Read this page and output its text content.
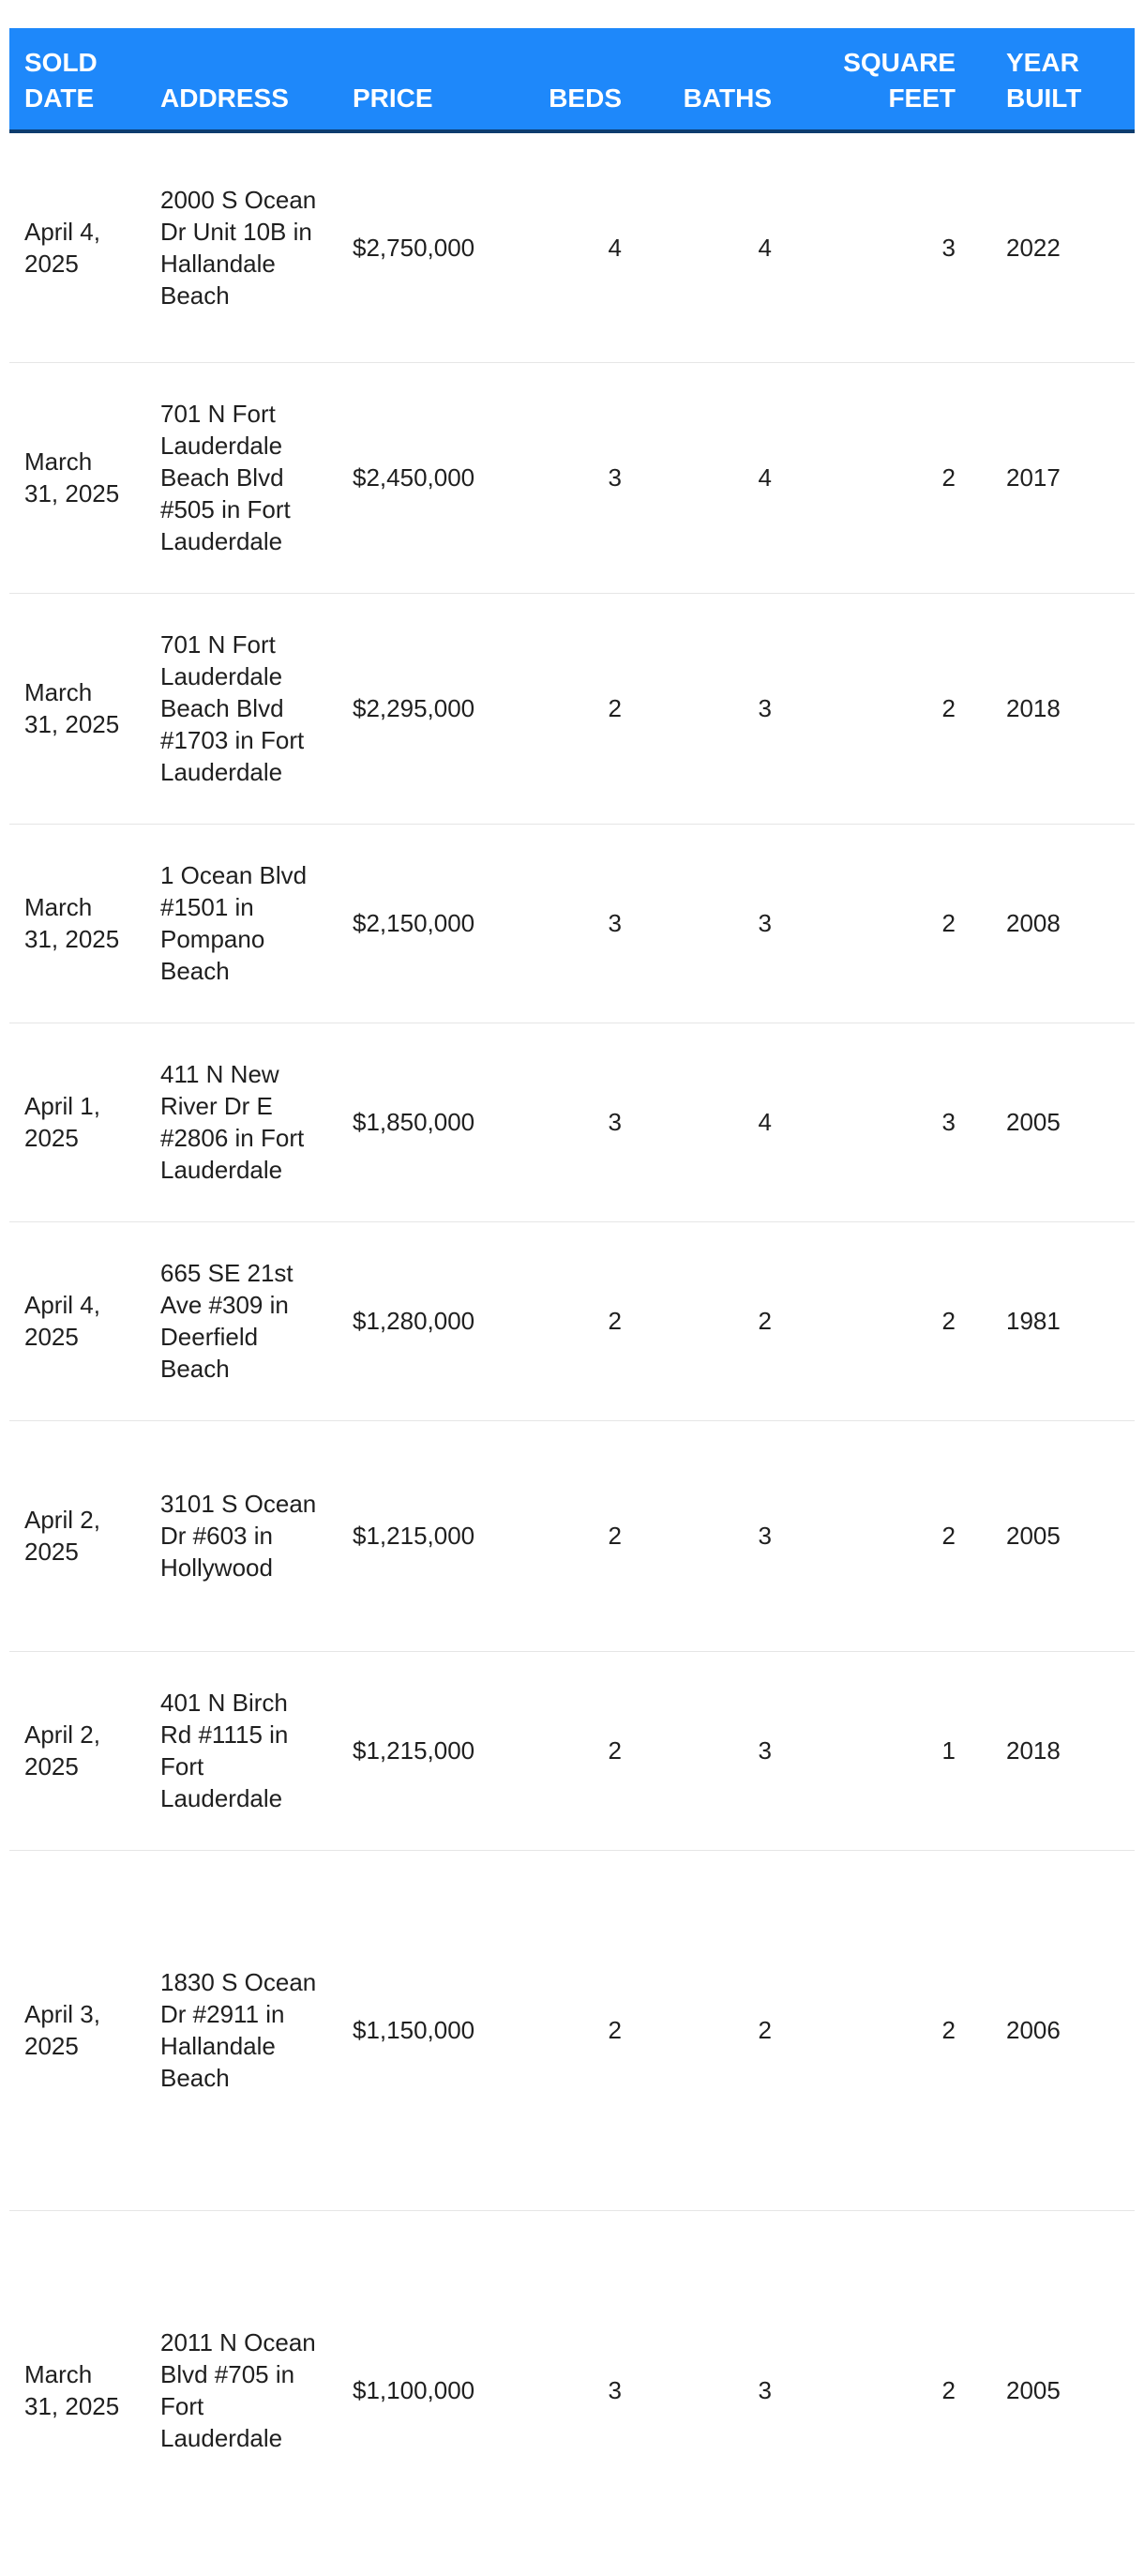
SOLD DATE	ADDRESS	PRICE	BEDS	BATHS	SQUARE FEET	YEAR BUILT
April 4, 2025	2000 S Ocean Dr Unit 10B in Hallandale Beach	$2,750,000	4	4	3	2022
March 31, 2025	701 N Fort Lauderdale Beach Blvd #505 in Fort Lauderdale	$2,450,000	3	4	2	2017
March 31, 2025	701 N Fort Lauderdale Beach Blvd #1703 in Fort Lauderdale	$2,295,000	2	3	2	2018
March 31, 2025	1 Ocean Blvd #1501 in Pompano Beach	$2,150,000	3	3	2	2008
April 1, 2025	411 N New River Dr E #2806 in Fort Lauderdale	$1,850,000	3	4	3	2005
April 4, 2025	665 SE 21st Ave #309 in Deerfield Beach	$1,280,000	2	2	2	1981
April 2, 2025	3101 S Ocean Dr #603 in Hollywood	$1,215,000	2	3	2	2005
April 2, 2025	401 N Birch Rd #1115 in Fort Lauderdale	$1,215,000	2	3	1	2018
April 3, 2025	1830 S Ocean Dr #2911 in Hallandale Beach	$1,150,000	2	2	2	2006
March 31, 2025	2011 N Ocean Blvd #705 in Fort Lauderdale	$1,100,000	3	3	2	2005
